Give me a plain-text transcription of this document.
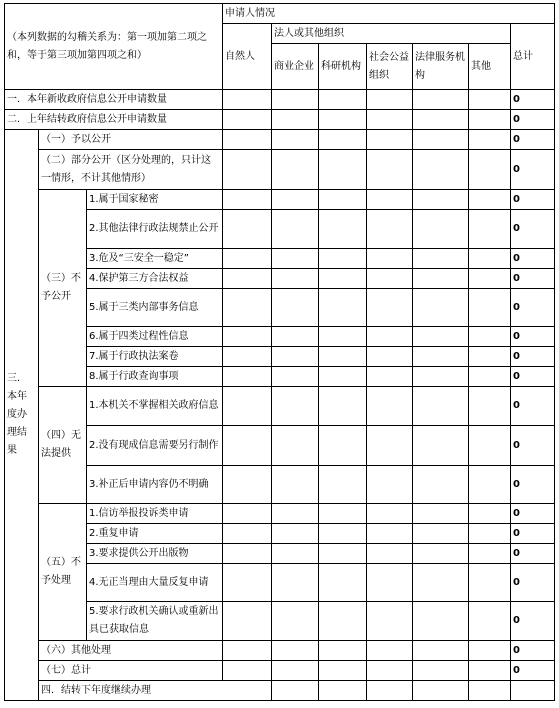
（本列数据的勾稽关系为：第一项加第二项之和，等于第三项加第四项之和）			申请人情况							
			自然人	法人或其他组织					总计	
				商业企业	科研机构	社会公益组织	法律服务机构	其他		
一．本年新收政府信息公开申请数量									0	
二．上年结转政府信息公开申请数量									0	
三．本年度办理结果	（一）予以公开								0	
	（二）部分公开（区分处理的，只计这一情形，不计其他情形）								0	
	（三）不予公开	1.属于国家秘密							0	
		2.其他法律行政法规禁止公开							0	
		3.危及“三安全一稳定”							0	
		4.保护第三方合法权益							0	
		5.属于三类内部事务信息							0	
		6.属于四类过程性信息							0	
		7.属于行政执法案卷							0	
		8.属于行政查询事项							0	
	（四）无法提供	1.本机关不掌握相关政府信息							0	
		2.没有现成信息需要另行制作							0	
		3.补正后申请内容仍不明确							0	
	（五）不予处理	1.信访举报投诉类申请							0	
		2.重复申请							0	
		3.要求提供公开出版物							0	
		4.无正当理由大量反复申请							0	
		5.要求行政机关确认或重新出具已获取信息							0	
	（六）其他处理								0	
	（七）总计								0	
	四．结转下年度继续办理							
